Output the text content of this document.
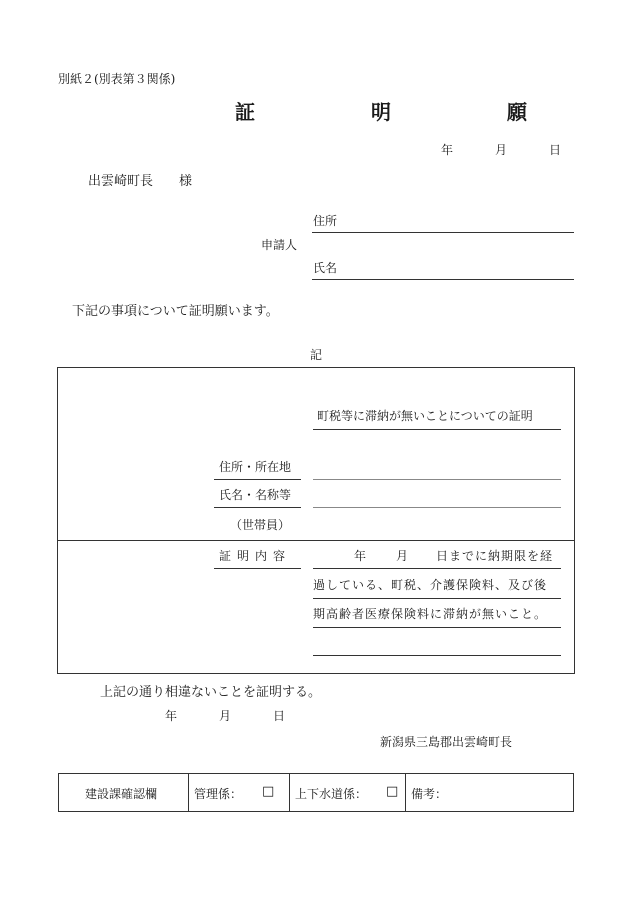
別紙２(別表第３関係)
証　明　願
年	月	日
出雲崎町長　　様
住所
申請人
氏名
下記の事項について証明願います。
記
町税等に滞納が無いことについての証明
住所・所在地
氏名・名称等
（世帯員）
証明内容	年 月 日までに納期限を経
過している、町税、介護保険料、及び後
期高齢者医療保険料に滞納が無いこと。
上記の通り相違ないことを証明する。
年	月	日
新潟県三島郡出雲崎町長
建設課確認欄	管理係： □ 上下水道係： □ 備考：
